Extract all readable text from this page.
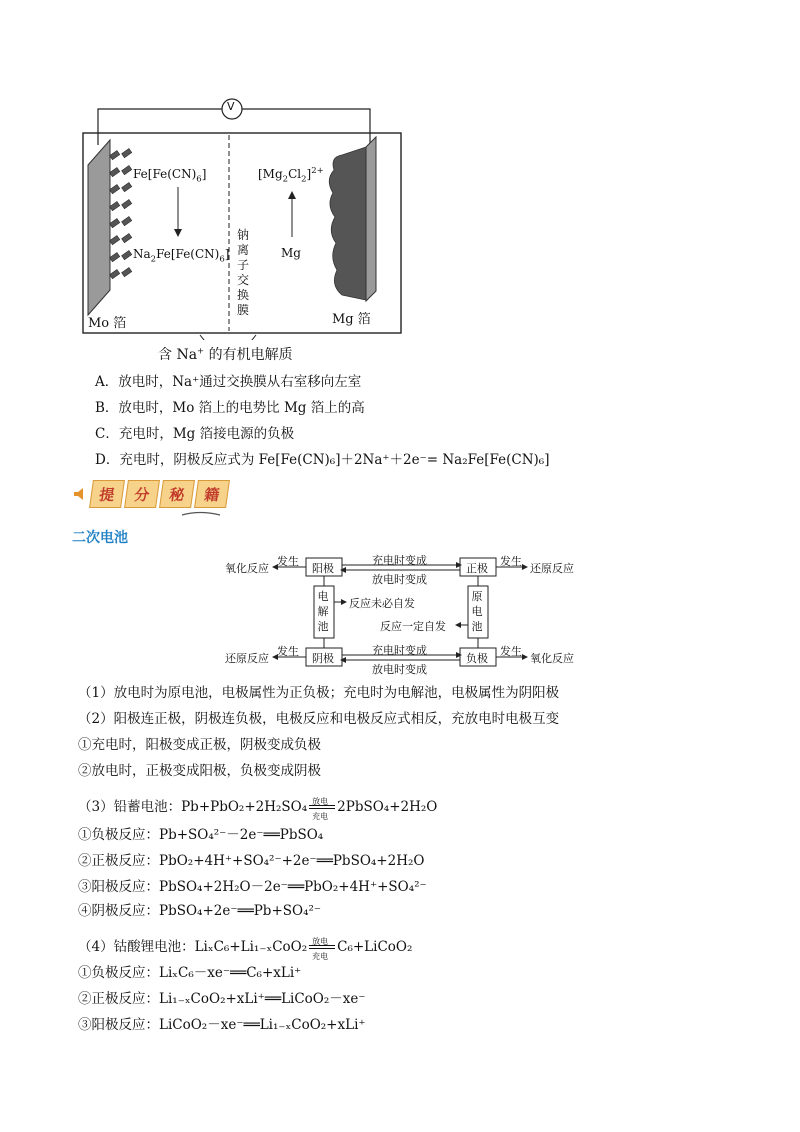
V
$Fe[Fe(CN)_6]$
$Na_2Fe[Fe(CN)_6]$
$[Mg_2Cl_2]^{2+}$
Mg
钠
离
子
交
换
膜
Mo 箔	Mg 箔
含 Na+ 的有机电解质
A．放电时，Na⁺通过交换膜从右室移向左室
B．放电时，Mo 箔上的电势比 Mg 箔上的高
C．充电时，Mg 箔接电源的负极
D．充电时，阴极反应式为 Fe[Fe(CN)₆]＋2Na⁺＋2e⁻= Na₂Fe[Fe(CN)₆]
提	分	秘	籍
二次电池
氧化反应
发生
阳极
充电时变成
放电时变成
正极
发生
还原反应
电
解
池
反应未必自发
反应一定自发
原
电
池
还原反应
发生
阴极
充电时变成
放电时变成
负极
发生
氧化反应
（1）放电时为原电池，电极属性为正负极；充电时为电解池，电极属性为阴阳极
（2）阳极连正极，阴极连负极，电极反应和电极反应式相反，充放电时电极互变
①充电时，阳极变成正极，阴极变成负极
②放电时，正极变成阳极，负极变成阴极
（3）铅蓄电池：Pb+PbO₂+2H₂SO₄ 放电
充电
2PbSO₄+2H₂O
①负极反应：Pb+SO₄²⁻－2e⁻══PbSO₄
②正极反应：PbO₂+4H⁺+SO₄²⁻+2e⁻══PbSO₄+2H₂O
③阳极反应：PbSO₄+2H₂O－2e⁻══PbO₂+4H⁺+SO₄²⁻
④阴极反应：PbSO₄+2e⁻══Pb+SO₄²⁻
（4）钴酸锂电池：LiₓC₆+Li₁₋ₓCoO₂ 放电
充电
C₆+LiCoO₂
①负极反应：LiₓC₆－xe⁻══C₆+xLi⁺
②正极反应：Li₁₋ₓCoO₂+xLi⁺══LiCoO₂－xe⁻
③阳极反应：LiCoO₂－xe⁻══Li₁₋ₓCoO₂+xLi⁺
